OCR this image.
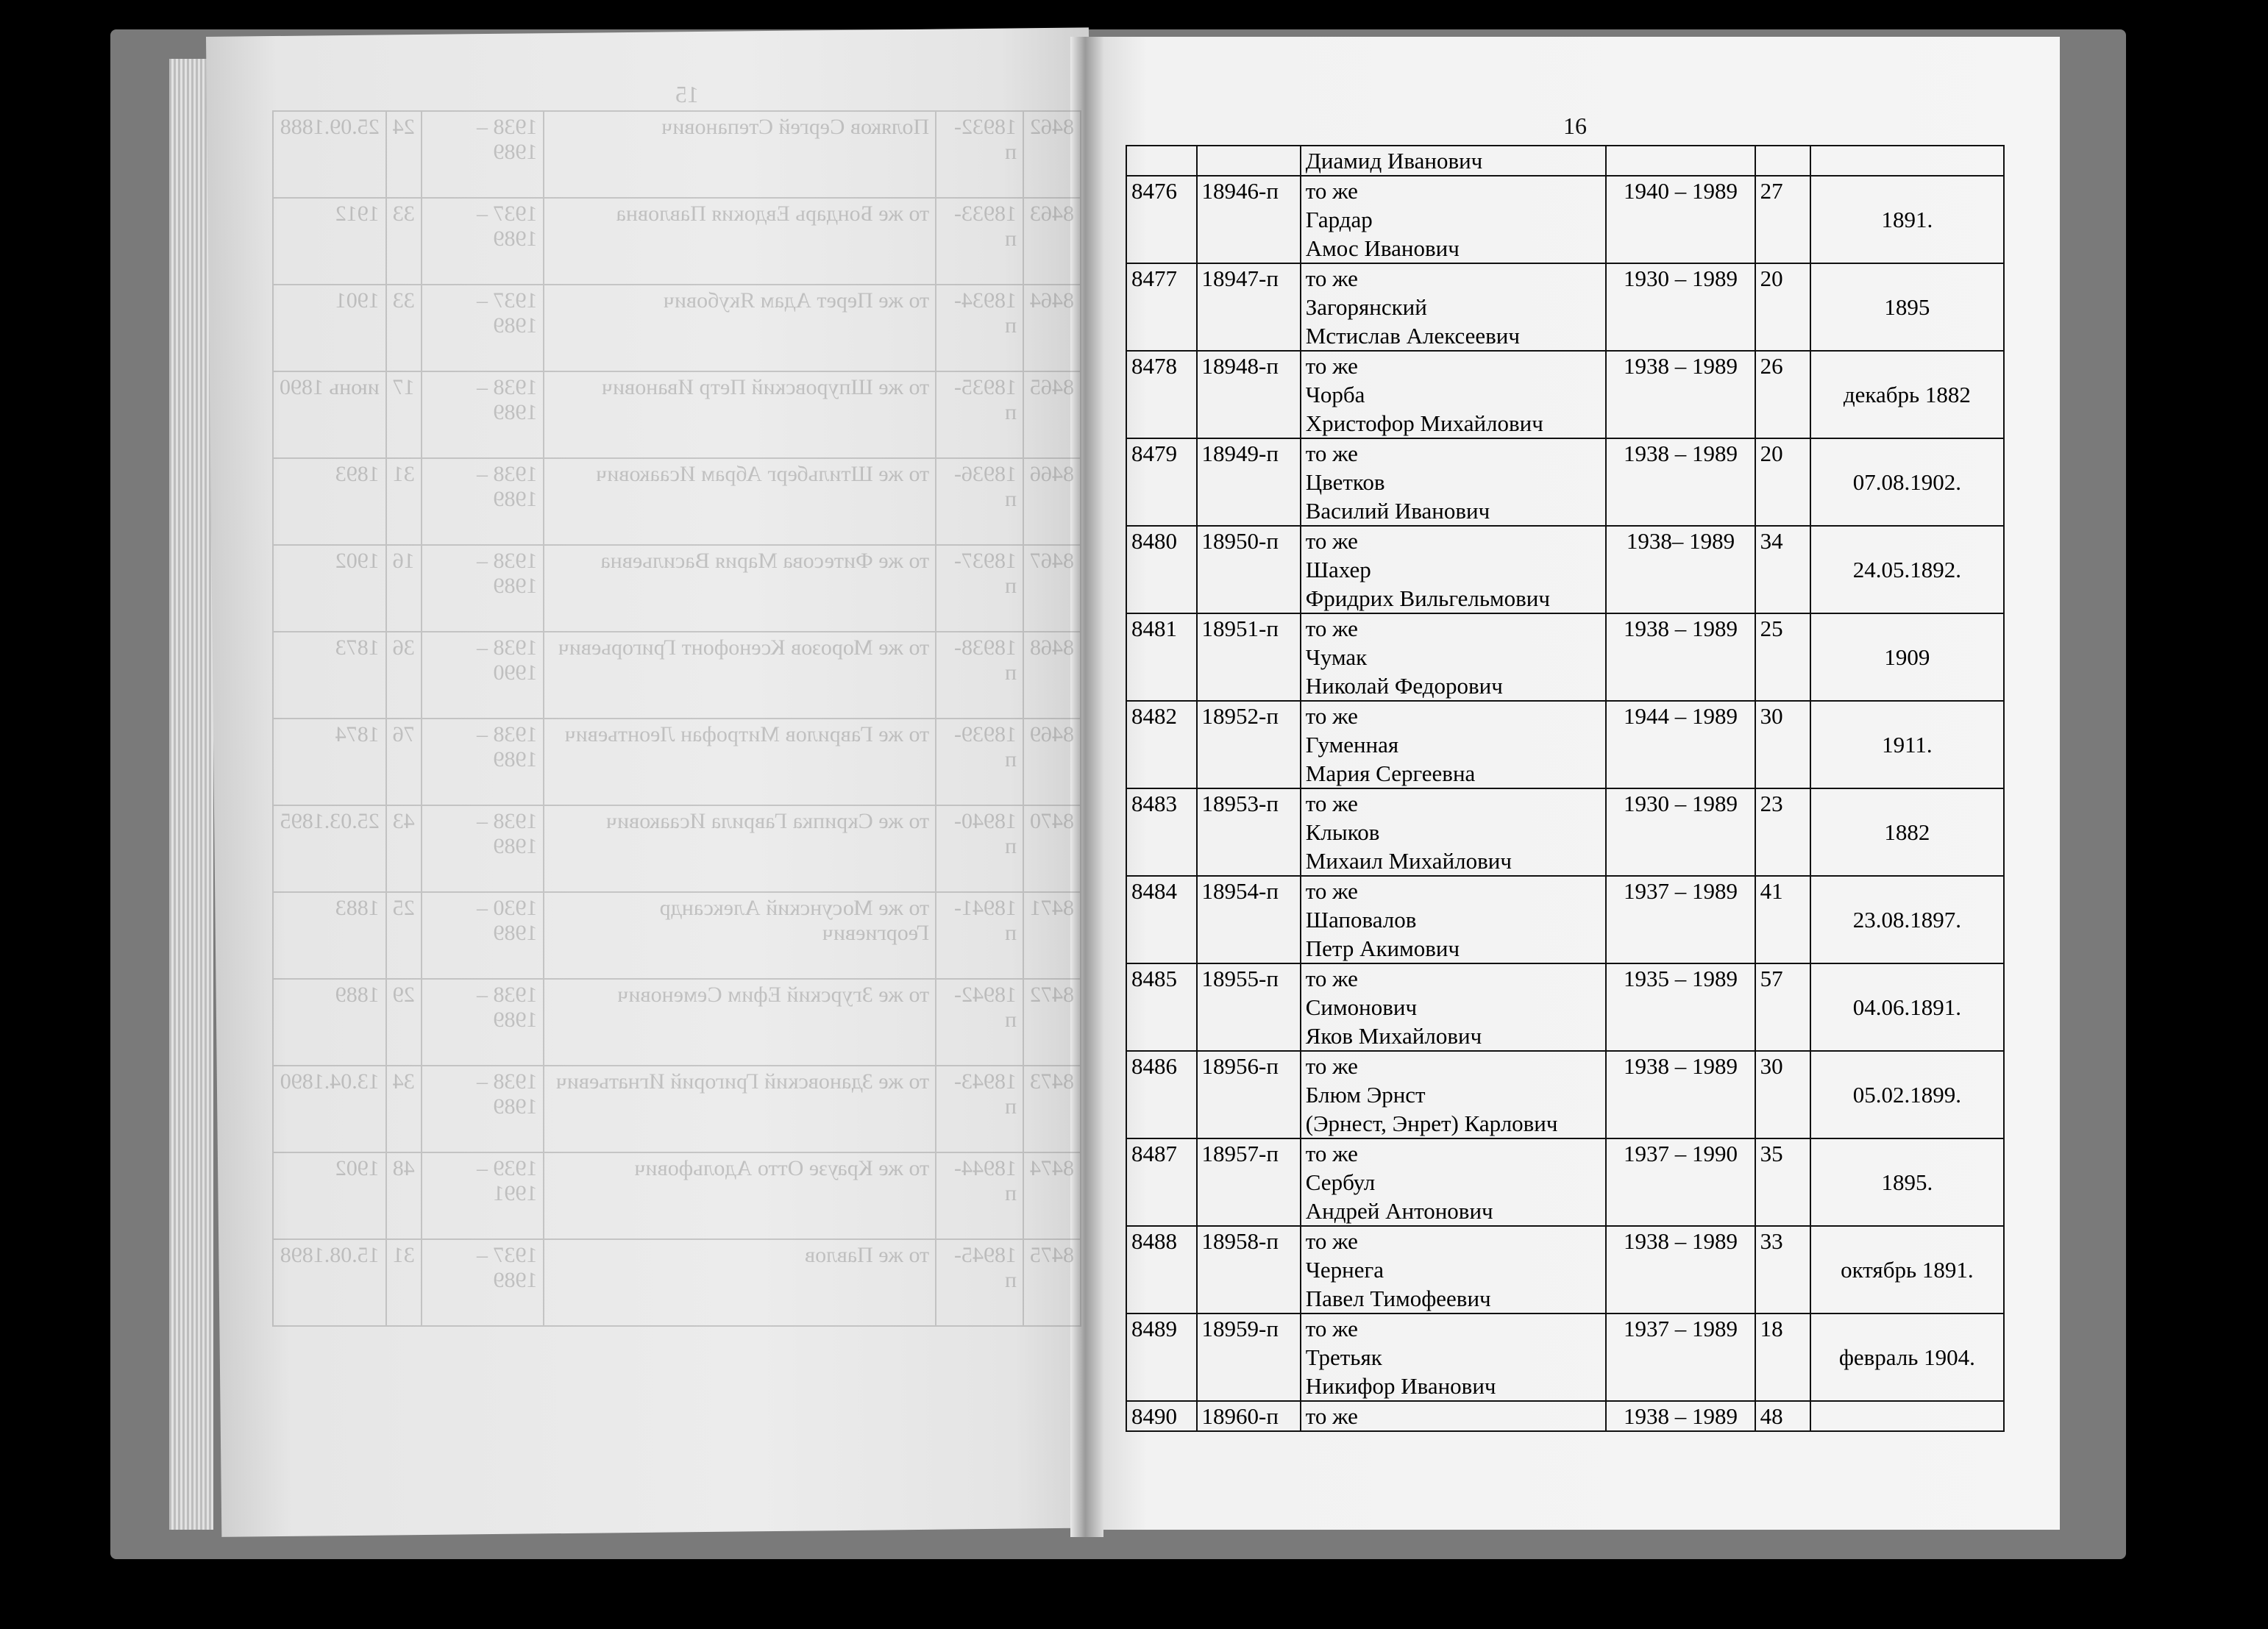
15
8462	18932-п	Поляков Сергей Степанович	1938 – 1989	24	25.09.1888
8463	18933-п	то же Бондарь Евдокия Павловна	1937 – 1989	33	1912
8464	18934-п	то же Перет Адам Якубович	1937 – 1989	33	1901
8465	18935-п	то же Шпуровский Петр Иванович	1938 – 1989	17	июнь 1890
8466	18936-п	то же Штильберг Абрам Исаакович	1938 – 1989	31	1893
8467	18937-п	то же Фитесова Мария Васильевна	1938 – 1989	16	1902
8468	18938-п	то же Морозов Ксенофонт Григорьевич	1938 – 1990	36	1873
8469	18939-п	то же Гаврилов Митрофан Леонтьевич	1938 – 1989	76	1874
8470	18940-п	то же Скрипка Гаврила Исаакович	1938 – 1989	43	25.03.1895
8471	18941-п	то же Мосунский Александр Георгиевич	1930 – 1989	25	1883
8472	18942-п	то же Згурский Ефим Семенович	1938 – 1989	29	1889
8473	18943-п	то же Здановский Григорий Игнатьевич	1938 – 1989	34	13.04.1890
8474	18944-п	то же Краузе Отто Адольфович	1939 – 1991	48	1902
8475	18945-п	то же Павлов	1937 – 1989	31	15.08.1898
16
		Диамид Иванович			
8476	18946-п	то же
Гардар
Амос Иванович	1940 – 1989	27	1891.
8477	18947-п	то же
Загорянский
Мстислав Алексеевич	1930 – 1989	20	1895
8478	18948-п	то же
Чорба
Христофор Михайлович	1938 – 1989	26	декабрь 1882
8479	18949-п	то же
Цветков
Василий Иванович	1938 – 1989	20	07.08.1902.
8480	18950-п	то же
Шахер
Фридрих Вильгельмович	1938– 1989	34	24.05.1892.
8481	18951-п	то же
Чумак
Николай Федорович	1938 – 1989	25	1909
8482	18952-п	то же
Гуменная
Мария Сергеевна	1944 – 1989	30	1911.
8483	18953-п	то же
Клыков
Михаил Михайлович	1930 – 1989	23	1882
8484	18954-п	то же
Шаповалов
Петр Акимович	1937 – 1989	41	23.08.1897.
8485	18955-п	то же
Симонович
Яков Михайлович	1935 – 1989	57	04.06.1891.
8486	18956-п	то же
Блюм Эрнст
(Эрнест, Энрет) Карлович	1938 – 1989	30	05.02.1899.
8487	18957-п	то же
Сербул
Андрей Антонович	1937 – 1990	35	1895.
8488	18958-п	то же
Чернега
Павел Тимофеевич	1938 – 1989	33	октябрь 1891.
8489	18959-п	то же
Третьяк
Никифор Иванович	1937 – 1989	18	февраль 1904.
8490	18960-п	то же	1938 – 1989	48	
